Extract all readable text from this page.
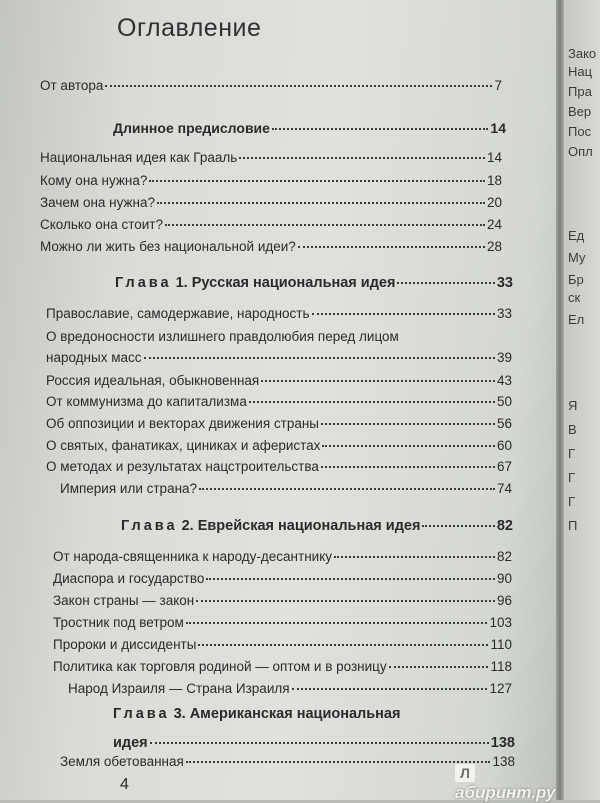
Оглавление
От автора	7
Длинное предисловие	14
Национальная идея как Грааль	14
Кому она нужна?	18
Зачем она нужна?	20
Сколько она стоит?	24
Можно ли жить без национальной идеи?	28
Глава 1. Русская национальная идея	33
Православие, самодержавие, народность	33
О вредоносности излишнего правдолюбия перед лицом
народных масс	39
Россия идеальная, обыкновенная	43
От коммунизма до капитализма	50
Об оппозиции и векторах движения страны	56
О святых, фанатиках, циниках и аферистах	60
О методах и результатах нацстроительства	67
Империя или страна?	74
Глава 2. Еврейская национальная идея	82
От народа-священника к народу-десантнику	82
Диаспора и государство	90
Закон страны — закон	96
Тростник под ветром	103
Пророки и диссиденты	110
Политика как торговля родиной — оптом и в розницу	118
Народ Израиля — Страна Израиля	127
Глава 3. Американская национальная
идея	138
Земля обетованная	138
4
Лабиринт.ру
Зако
Нац
Пра
Вер
Пос
Опл
Ед
Му
Бр
ск
Ел
Я
В
Г
Г
Г
П
